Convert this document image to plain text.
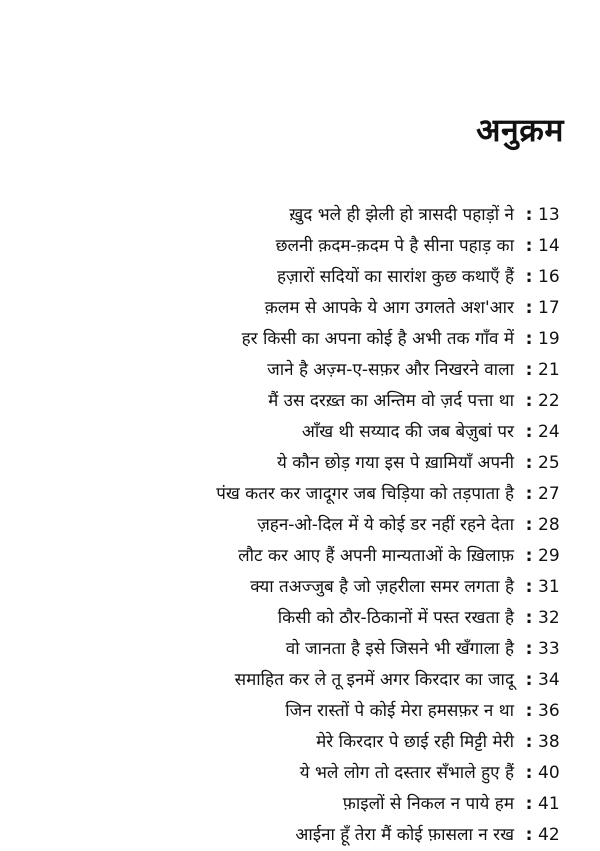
अनुक्रम
ख़ुद भले ही झेली हो त्रासदी पहाड़ों ने : 13
छलनी क़दम-क़दम पे है सीना पहाड़ का : 14
हज़ारों सदियों का सारांश कुछ कथाएँ हैं : 16
क़लम से आपके ये आग उगलते अश'आर : 17
हर किसी का अपना कोई है अभी तक गाँव में : 19
जाने है अज़्म-ए-सफ़र और निखरने वाला : 21
मैं उस दरख़्त का अन्तिम वो ज़र्द पत्ता था : 22
आँख थी सय्याद की जब बेज़ुबां पर : 24
ये कौन छोड़ गया इस पे ख़ामियाँ अपनी : 25
पंख कतर कर जादूगर जब चिड़िया को तड़पाता है : 27
ज़हन-ओ-दिल में ये कोई डर नहीं रहने देता : 28
लौट कर आए हैं अपनी मान्यताओं के ख़िलाफ़ : 29
क्या तअज्जुब है जो ज़हरीला समर लगता है : 31
किसी को ठौर-ठिकानों में पस्त रखता है : 32
वो जानता है इसे जिसने भी खँगाला है : 33
समाहित कर ले तू इनमें अगर किरदार का जादू : 34
जिन रास्तों पे कोई मेरा हमसफ़र न था : 36
मेरे किरदार पे छाई रही मिट्टी मेरी : 38
ये भले लोग तो दस्तार सँभाले हुए हैं : 40
फ़ाइलों से निकल न पाये हम : 41
आईना हूँ तेरा मैं कोई फ़ासला न रख : 42
